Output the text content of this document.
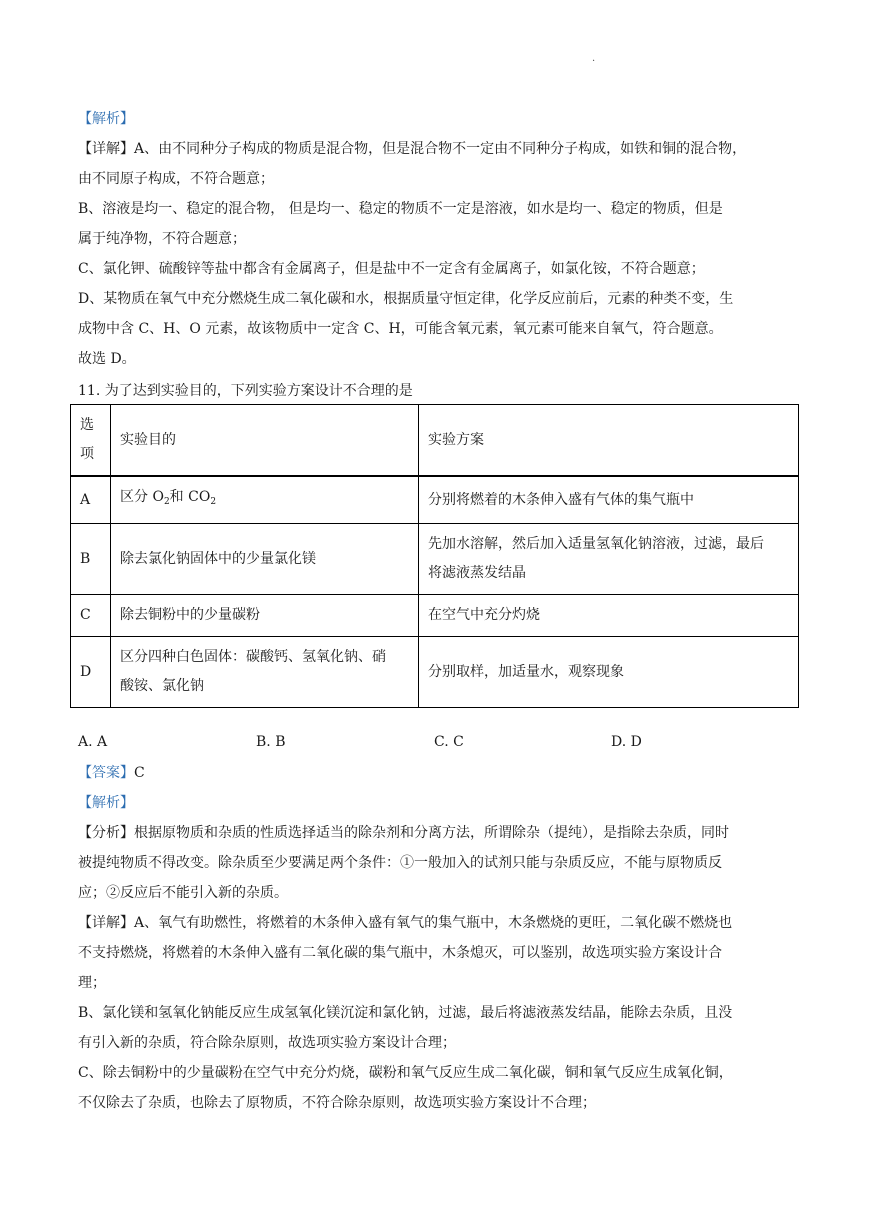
·
【解析】
【详解】A、由不同种分子构成的物质是混合物，但是混合物不一定由不同种分子构成，如铁和铜的混合物，
由不同原子构成，不符合题意；
B、溶液是均一、稳定的混合物， 但是均一、稳定的物质不一定是溶液，如水是均一、稳定的物质，但是
属于纯净物，不符合题意；
C、氯化钾、硫酸锌等盐中都含有金属离子，但是盐中不一定含有金属离子，如氯化铵，不符合题意；
D、某物质在氧气中充分燃烧生成二氧化碳和水，根据质量守恒定律，化学反应前后，元素的种类不变，生
成物中含 C、H、O 元素，故该物质中一定含 C、H，可能含氧元素，氧元素可能来自氧气，符合题意。
故选 D。
11. 为了达到实验目的，下列实验方案设计不合理的是
选
项	实验目的	实验方案
A	区分 $O_2$和 $CO_2$	分别将燃着的木条伸入盛有气体的集气瓶中
B	除去氯化钠固体中的少量氯化镁	先加水溶解，然后加入适量氢氧化钠溶液，过滤，最后
将滤液蒸发结晶

C	除去铜粉中的少量碳粉	在空气中充分灼烧
D	区分四种白色固体：碳酸钙、氢氧化钠、硝
酸铵、氯化钠	分别取样，加适量水，观察现象
A. A	B. B	C. C	D. D
【答案】C
【解析】
【分析】根据原物质和杂质的性质选择适当的除杂剂和分离方法，所谓除杂（提纯），是指除去杂质，同时
被提纯物质不得改变。除杂质至少要满足两个条件：①一般加入的试剂只能与杂质反应，不能与原物质反
应；②反应后不能引入新的杂质。
【详解】A、氧气有助燃性，将燃着的木条伸入盛有氧气的集气瓶中，木条燃烧的更旺，二氧化碳不燃烧也
不支持燃烧，将燃着的木条伸入盛有二氧化碳的集气瓶中，木条熄灭，可以鉴别，故选项实验方案设计合
理；
B、氯化镁和氢氧化钠能反应生成氢氧化镁沉淀和氯化钠，过滤，最后将滤液蒸发结晶，能除去杂质，且没
有引入新的杂质，符合除杂原则，故选项实验方案设计合理；
C、除去铜粉中的少量碳粉在空气中充分灼烧，碳粉和氧气反应生成二氧化碳，铜和氧气反应生成氧化铜，
不仅除去了杂质，也除去了原物质，不符合除杂原则，故选项实验方案设计不合理；
